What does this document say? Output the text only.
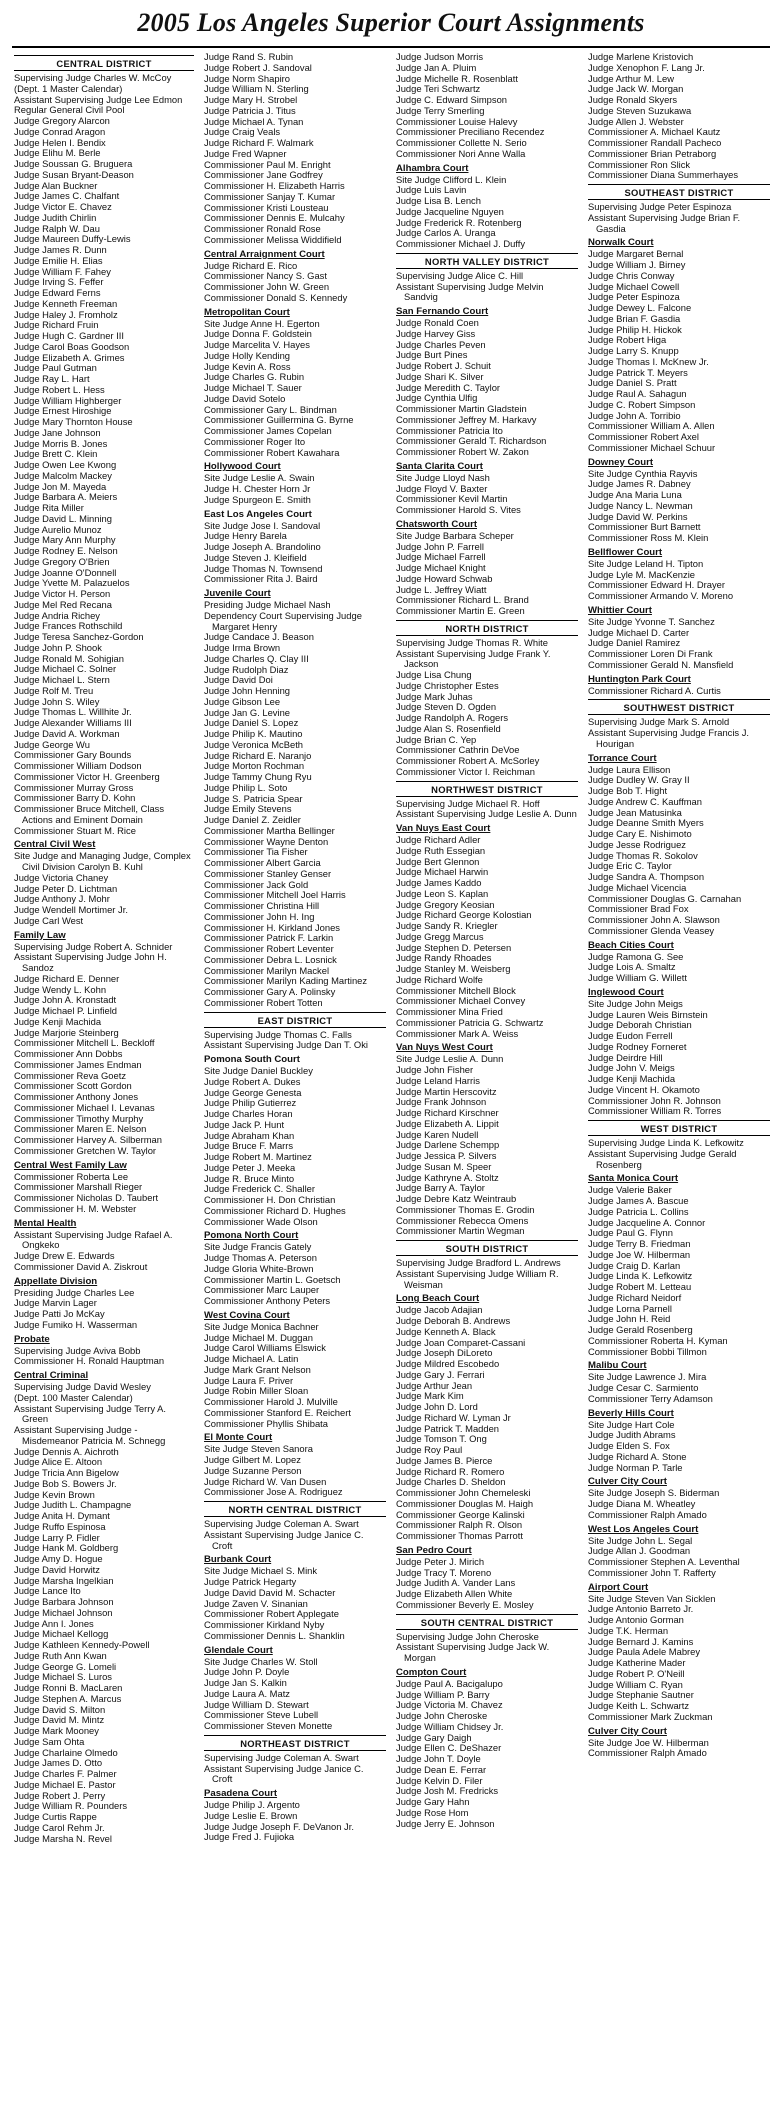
2005 Los Angeles Superior Court Assignments
CENTRAL DISTRICT
Supervising Judge Charles W. McCoy
(Dept. 1 Master Calendar)
Assistant Supervising Judge Lee Edmon
Regular General Civil Pool
Judge Gregory Alarcon
Judge Conrad Aragon
Judge Helen I. Bendix
Judge Elihu M. Berle
Judge Soussan G. Bruguera
Judge Susan Bryant-Deason
Judge Alan Buckner
Judge James C. Chalfant
Judge Victor E. Chavez
Judge Judith Chirlin
Judge Ralph W. Dau
Judge Maureen Duffy-Lewis
Judge James R. Dunn
Judge Emilie H. Elias
Judge William F. Fahey
Judge Irving S. Feffer
Judge Edward Ferns
Judge Kenneth Freeman
Judge Haley J. Fromholz
Judge Richard Fruin
Judge Hugh C. Gardner III
Judge Carol Boas Goodson
Judge Elizabeth A. Grimes
Judge Paul Gutman
Judge Ray L. Hart
Judge Robert L. Hess
Judge William Highberger
Judge Ernest Hiroshige
Judge Mary Thornton House
Judge Jane Johnson
Judge Morris B. Jones
Judge Brett C. Klein
Judge Owen Lee Kwong
Judge Malcolm Mackey
Judge Jon M. Mayeda
Judge Barbara A. Meiers
Judge Rita Miller
Judge David L. Minning
Judge Aurelio Munoz
Judge Mary Ann Murphy
Judge Rodney E. Nelson
Judge Gregory O'Brien
Judge Joanne O'Donnell
Judge Yvette M. Palazuelos
Judge Victor H. Person
Judge Mel Red Recana
Judge Andria Richey
Judge Frances Rothschild
Judge Teresa Sanchez-Gordon
Judge John P. Shook
Judge Ronald M. Sohigian
Judge Michael C. Solner
Judge Michael L. Stern
Judge Rolf M. Treu
Judge John S. Wiley
Judge Thomas L. Willhite Jr.
Judge Alexander Williams III
Judge David A. Workman
Judge George Wu
Commissioner Gary Bounds
Commissioner William Dodson
Commissioner Victor H. Greenberg
Commissioner Murray Gross
Commissioner Barry D. Kohn
Commissioner Bruce Mitchell, Class Actions and Eminent Domain
Commissioner Stuart M. Rice
Central Civil West
Site Judge and Managing Judge, Complex Civil Division Carolyn B. Kuhl
Judge Victoria Chaney
Judge Peter D. Lichtman
Judge Anthony J. Mohr
Judge Wendell Mortimer Jr.
Judge Carl West
Family Law
Supervising Judge Robert A. Schnider
Assistant Supervising Judge John H. Sandoz
Judge Richard E. Denner
Judge Wendy L. Kohn
Judge John A. Kronstadt
Judge Michael P. Linfield
Judge Kenji Machida
Judge Marjorie Steinberg
Commissioner Mitchell L. Beckloff
Commissioner Ann Dobbs
Commissioner James Endman
Commissioner Reva Goetz
Commissioner Scott Gordon
Commissioner Anthony Jones
Commissioner Michael I. Levanas
Commissioner Timothy Murphy
Commissioner Maren E. Nelson
Commissioner Harvey A. Silberman
Commissioner Gretchen W. Taylor
Central West Family Law
Commissioner Roberta Lee
Commissioner Marshall Rieger
Commissioner Nicholas D. Taubert
Commissioner H. M. Webster
Mental Health
Assistant Supervising Judge Rafael A. Ongkeko
Judge Drew E. Edwards
Commissioner David A. Ziskrout
Appellate Division
Presiding Judge Charles Lee
Judge Marvin Lager
Judge Patti Jo McKay
Judge Fumiko H. Wasserman
Probate
Supervising Judge Aviva Bobb
Commissioner H. Ronald Hauptman
Central Criminal
Supervising Judge David Wesley
(Dept. 100 Master Calendar)
Assistant Supervising Judge Terry A. Green
Assistant Supervising Judge - Misdemeanor Patricia M. Schnegg
Judge Dennis A. Aichroth
Judge Alice E. Altoon
Judge Tricia Ann Bigelow
Judge Bob S. Bowers Jr.
Judge Kevin Brown
Judge Judith L. Champagne
Judge Anita H. Dymant
Judge Ruffo Espinosa
Judge Larry P. Fidler
Judge Hank M. Goldberg
Judge Amy D. Hogue
Judge David Horwitz
Judge Marsha Ingelkian
Judge Lance Ito
Judge Barbara Johnson
Judge Michael Johnson
Judge Ann I. Jones
Judge Michael Kellogg
Judge Kathleen Kennedy-Powell
Judge Ruth Ann Kwan
Judge George G. Lomeli
Judge Michael S. Luros
Judge Ronni B. MacLaren
Judge Stephen A. Marcus
Judge David S. Milton
Judge David M. Mintz
Judge Mark Mooney
Judge Sam Ohta
Judge Charlaine Olmedo
Judge James D. Otto
Judge Charles F. Palmer
Judge Michael E. Pastor
Judge Robert J. Perry
Judge William R. Pounders
Judge Curtis Rappe
Judge Carol Rehm Jr.
Judge Marsha N. Revel
Judge Rand S. Rubin
Judge Robert J. Sandoval
Judge Norm Shapiro
Judge William N. Sterling
Judge Mary H. Strobel
Judge Patricia J. Titus
Judge Michael A. Tynan
Judge Craig Veals
Judge Richard F. Walmark
Judge Fred Wapner
Commissioner Paul M. Enright
Commissioner Jane Godfrey
Commissioner H. Elizabeth Harris
Commissioner Sanjay T. Kumar
Commissioner Kristi Lousteau
Commissioner Dennis E. Mulcahy
Commissioner Ronald Rose
Commissioner Melissa Widdifield
Central Arraignment Court
Judge Richard E. Rico
Commissioner Nancy S. Gast
Commissioner John W. Green
Commissioner Donald S. Kennedy
Metropolitan Court
Site Judge Anne H. Egerton
Judge Donna F. Goldstein
Judge Marcelita V. Hayes
Judge Holly Kending
Judge Kevin A. Ross
Judge Charles G. Rubin
Judge Michael T. Sauer
Judge David Sotelo
Commissioner Gary L. Bindman
Commissioner Guillermina G. Byrne
Commissioner James Copelan
Commissioner Roger Ito
Commissioner Robert Kawahara
Hollywood Court
Site Judge Leslie A. Swain
Judge H. Chester Horn Jr
Judge Spurgeon E. Smith
East Los Angeles Court
Site Judge Jose I. Sandoval
Judge Henry Barela
Judge Joseph A. Brandolino
Judge Steven J. Kleifield
Judge Thomas N. Townsend
Commissioner Rita J. Baird
Juvenile Court
Presiding Judge Michael Nash
Dependency Court Supervising Judge Margaret Henry
Judge Candace J. Beason
Judge Irma Brown
Judge Charles Q. Clay III
Judge Rudolph Diaz
Judge David Doi
Judge John Henning
Judge Gibson Lee
Judge Jan G. Levine
Judge Daniel S. Lopez
Judge Philip K. Mautino
Judge Veronica McBeth
Judge Richard E. Naranjo
Judge Morton Rochman
Judge Tammy Chung Ryu
Judge Philip L. Soto
Judge S. Patricia Spear
Judge Emily Stevens
Judge Daniel Z. Zeidler
Commissioner Martha Bellinger
Commissioner Wayne Denton
Commissioner Tia Fisher
Commissioner Albert Garcia
Commissioner Stanley Genser
Commissioner Jack Gold
Commissioner Mitchell Joel Harris
Commissioner Christina Hill
Commissioner John H. Ing
Commissioner H. Kirkland Jones
Commissioner Patrick F. Larkin
Commissioner Robert Leventer
Commissioner Debra L. Losnick
Commissioner Marilyn Mackel
Commissioner Marilyn Kading Martinez
Commissioner Gary A. Polinsky
Commissioner Robert Totten
EAST DISTRICT
Supervising Judge Thomas C. Falls
Assistant Supervising Judge Dan T. Oki
Pomona South Court
Site Judge Daniel Buckley
Judge Robert A. Dukes
Judge George Genesta
Judge Philip Gutierrez
Judge Charles Horan
Judge Jack P. Hunt
Judge Abraham Khan
Judge Bruce F. Marrs
Judge Robert M. Martinez
Judge Peter J. Meeka
Judge R. Bruce Minto
Judge Frederick C. Shaller
Commissioner H. Don Christian
Commissioner Richard D. Hughes
Commissioner Wade Olson
Pomona North Court
Site Judge Francis Gately
Judge Thomas A. Peterson
Judge Gloria White-Brown
Commissioner Martin L. Goetsch
Commissioner Marc Lauper
Commissioner Anthony Peters
West Covina Court
Site Judge Monica Bachner
Judge Michael M. Duggan
Judge Carol Williams Elswick
Judge Michael A. Latin
Judge Mark Grant Nelson
Judge Laura F. Priver
Judge Robin Miller Sloan
Commissioner Harold J. Mulville
Commissioner Stanford E. Reichert
Commissioner Phyllis Shibata
El Monte Court
Site Judge Steven Sanora
Judge Gilbert M. Lopez
Judge Suzanne Person
Judge Richard W. Van Dusen
Commissioner Jose A. Rodriguez
NORTH CENTRAL DISTRICT
Supervising Judge Coleman A. Swart
Assistant Supervising Judge Janice C. Croft
Burbank Court
Site Judge Michael S. Mink
Judge Patrick Hegarty
Judge David David M. Schacter
Judge Zaven V. Sinanian
Commissioner Robert Applegate
Commissioner Kirkland Nyby
Commissioner Dennis L. Shanklin
Glendale Court
Site Judge Charles W. Stoll
Judge John P. Doyle
Judge Jan S. Kalkin
Judge Laura A. Matz
Judge William D. Stewart
Commissioner Steve Lubell
Commissioner Steven Monette
NORTHEAST DISTRICT
Supervising Judge Coleman A. Swart
Assistant Supervising Judge Janice C. Croft
Pasadena Court
Judge Philip J. Argento
Judge Leslie E. Brown
Judge Judge Joseph F. DeVanon Jr.
Judge Fred J. Fujioka
Judge Judson Morris
Judge Jan A. Pluim
Judge Michelle R. Rosenblatt
Judge Teri Schwartz
Judge C. Edward Simpson
Judge Terry Smerling
Commissioner Louise Halevy
Commissioner Preciliano Recendez
Commissioner Collette N. Serio
Commissioner Nori Anne Walla
Alhambra Court
Site Judge Clifford L. Klein
Judge Luis Lavin
Judge Lisa B. Lench
Judge Jacqueline Nguyen
Judge Frederick R. Rotenberg
Judge Carlos A. Uranga
Commissioner Michael J. Duffy
NORTH VALLEY DISTRICT
Supervising Judge Alice C. Hill
Assistant Supervising Judge Melvin Sandvig
San Fernando Court
Judge Ronald Coen
Judge Harvey Giss
Judge Charles Peven
Judge Burt Pines
Judge Robert J. Schuit
Judge Shari K. Silver
Judge Meredith C. Taylor
Judge Cynthia Ulfig
Commissioner Martin Gladstein
Commissioner Jeffrey M. Harkavy
Commissioner Patricia Ito
Commissioner Gerald T. Richardson
Commissioner Robert W. Zakon
Santa Clarita Court
Site Judge Lloyd Nash
Judge Floyd V. Baxter
Commissioner Kevil Martin
Commissioner Harold S. Vites
Chatsworth Court
Site Judge Barbara Scheper
Judge John P. Farrell
Judge Michael Farrell
Judge Michael Knight
Judge Howard Schwab
Judge L. Jeffrey Wiatt
Commissioner Richard L. Brand
Commissioner Martin E. Green
NORTH DISTRICT
Supervising Judge Thomas R. White
Assistant Supervising Judge Frank Y. Jackson
Judge Lisa Chung
Judge Christopher Estes
Judge Mark Juhas
Judge Steven D. Ogden
Judge Randolph A. Rogers
Judge Alan S. Rosenfield
Judge Brian C. Yep
Commissioner Cathrin DeVoe
Commissioner Robert A. McSorley
Commissioner Victor I. Reichman
NORTHWEST DISTRICT
Supervising Judge Michael R. Hoff
Assistant Supervising Judge Leslie A. Dunn
Van Nuys East Court
Judge Richard Adler
Judge Ruth Essegian
Judge Bert Glennon
Judge Michael Harwin
Judge James Kaddo
Judge Leon S. Kaplan
Judge Gregory Keosian
Judge Richard George Kolostian
Judge Sandy R. Kriegler
Judge Gregg Marcus
Judge Stephen D. Petersen
Judge Randy Rhoades
Judge Stanley M. Weisberg
Judge Richard Wolfe
Commissioner Mitchell Block
Commissioner Michael Convey
Commissioner Mina Fried
Commissioner Patricia G. Schwartz
Commissioner Mark A. Weiss
Van Nuys West Court
Site Judge Leslie A. Dunn
Judge John Fisher
Judge Leland Harris
Judge Martin Herscovitz
Judge Frank Johnson
Judge Richard Kirschner
Judge Elizabeth A. Lippit
Judge Karen Nudell
Judge Darlene Schempp
Judge Jessica P. Silvers
Judge Susan M. Speer
Judge Kathryne A. Stoltz
Judge Barry A. Taylor
Judge Debre Katz Weintraub
Commissioner Thomas E. Grodin
Commissioner Rebecca Omens
Commissioner Martin Wegman
SOUTH DISTRICT
Supervising Judge Bradford L. Andrews
Assistant Supervising Judge William R. Weisman
Long Beach Court
Judge Jacob Adajian
Judge Deborah B. Andrews
Judge Kenneth A. Black
Judge Joan Comparet-Cassani
Judge Joseph DiLoreto
Judge Mildred Escobedo
Judge Gary J. Ferrari
Judge Arthur Jean
Judge Mark Kim
Judge John D. Lord
Judge Richard W. Lyman Jr
Judge Patrick T. Madden
Judge Tomson T. Ong
Judge Roy Paul
Judge James B. Pierce
Judge Richard R. Romero
Judge Charles D. Sheldon
Commissioner John Chemeleski
Commissioner Douglas M. Haigh
Commissioner George Kalinski
Commissioner Ralph R. Olson
Commissioner Thomas Parrott
San Pedro Court
Judge Peter J. Mirich
Judge Tracy T. Moreno
Judge Judith A. Vander Lans
Judge Elizabeth Allen White
Commissioner Beverly E. Mosley
SOUTH CENTRAL DISTRICT
Supervising Judge John Cheroske
Assistant Supervising Judge Jack W. Morgan
Compton Court
Judge Paul A. Bacigalupo
Judge William P. Barry
Judge Victoria M. Chavez
Judge John Cheroske
Judge William Chidsey Jr.
Judge Gary Daigh
Judge Ellen C. DeShazer
Judge John T. Doyle
Judge Dean E. Ferrar
Judge Kelvin D. Filer
Judge Josh M. Fredricks
Judge Gary Hahn
Judge Rose Hom
Judge Jerry E. Johnson
Judge Marlene Kristovich
Judge Xenophon F. Lang Jr.
Judge Arthur M. Lew
Judge Jack W. Morgan
Judge Ronald Skyers
Judge Steven Suzukawa
Judge Allen J. Webster
Commissioner A. Michael Kautz
Commissioner Randall Pacheco
Commissioner Brian Petraborg
Commissioner Ron Slick
Commissioner Diana Summerhayes
SOUTHEAST DISTRICT
Supervising Judge Peter Espinoza
Assistant Supervising Judge Brian F. Gasdia
Norwalk Court
Judge Margaret Bernal
Judge William J. Birney
Judge Chris Conway
Judge Michael Cowell
Judge Peter Espinoza
Judge Dewey L. Falcone
Judge Brian F. Gasdia
Judge Philip H. Hickok
Judge Robert Higa
Judge Larry S. Knupp
Judge Thomas I. McKnew Jr.
Judge Patrick T. Meyers
Judge Daniel S. Pratt
Judge Raul A. Sahagun
Judge C. Robert Simpson
Judge John A. Torribio
Commissioner William A. Allen
Commissioner Robert Axel
Commissioner Michael Schuur
Downey Court
Site Judge Cynthia Rayvis
Judge James R. Dabney
Judge Ana Maria Luna
Judge Nancy L. Newman
Judge David W. Perkins
Commissioner Burt Barnett
Commissioner Ross M. Klein
Bellflower Court
Site Judge Leland H. Tipton
Judge Lyle M. MacKenzie
Commissioner Edward H. Drayer
Commissioner Armando V. Moreno
Whittier Court
Site Judge Yvonne T. Sanchez
Judge Michael D. Carter
Judge Daniel Ramirez
Commissioner Loren Di Frank
Commissioner Gerald N. Mansfield
Huntington Park Court
Commissioner Richard A. Curtis
SOUTHWEST DISTRICT
Supervising Judge Mark S. Arnold
Assistant Supervising Judge Francis J. Hourigan
Torrance Court
Judge Laura Ellison
Judge Dudley W. Gray II
Judge Bob T. Hight
Judge Andrew C. Kauffman
Judge Jean Matusinka
Judge Deanne Smith Myers
Judge Cary E. Nishimoto
Judge Jesse Rodriguez
Judge Thomas R. Sokolov
Judge Eric C. Taylor
Judge Sandra A. Thompson
Judge Michael Vicencia
Commissioner Douglas G. Carnahan
Commissioner Brad Fox
Commissioner John A. Slawson
Commissioner Glenda Veasey
Beach Cities Court
Judge Ramona G. See
Judge Lois A. Smaltz
Judge William G. Willett
Inglewood Court
Site Judge John Meigs
Judge Lauren Weis Birnstein
Judge Deborah Christian
Judge Eudon Ferrell
Judge Rodney Forneret
Judge Deirdre Hill
Judge John V. Meigs
Judge Kenji Machida
Judge Vincent H. Okamoto
Commissioner John R. Johnson
Commissioner William R. Torres
WEST DISTRICT
Supervising Judge Linda K. Lefkowitz
Assistant Supervising Judge Gerald Rosenberg
Santa Monica Court
Judge Valerie Baker
Judge James A. Bascue
Judge Patricia L. Collins
Judge Jacqueline A. Connor
Judge Paul G. Flynn
Judge Terry B. Friedman
Judge Joe W. Hilberman
Judge Craig D. Karlan
Judge Linda K. Lefkowitz
Judge Robert M. Letteau
Judge Richard Neidorf
Judge Lorna Parnell
Judge John H. Reid
Judge Gerald Rosenberg
Commissioner Roberta H. Kyman
Commissioner Bobbi Tillmon
Malibu Court
Site Judge Lawrence J. Mira
Judge Cesar C. Sarmiento
Commissioner Terry Adamson
Beverly Hills Court
Site Judge Hart Cole
Judge Judith Abrams
Judge Elden S. Fox
Judge Richard A. Stone
Judge Norman P. Tarle
Culver City Court
Site Judge Joseph S. Biderman
Judge Diana M. Wheatley
Commissioner Ralph Amado
West Los Angeles Court
Site Judge John L. Segal
Judge Allan J. Goodman
Commissioner Stephen A. Leventhal
Commissioner John T. Rafferty
Airport Court
Site Judge Steven Van Sicklen
Judge Antonio Barreto Jr.
Judge Antonio Gorman
Judge T.K. Herman
Judge Bernard J. Kamins
Judge Paula Adele Mabrey
Judge Katherine Mader
Judge Robert P. O'Neill
Judge William C. Ryan
Judge Stephanie Sautner
Judge Keith L. Schwartz
Commissioner Mark Zuckman
Culver City Court
Site Judge Joe W. Hilberman
Commissioner Ralph Amado
